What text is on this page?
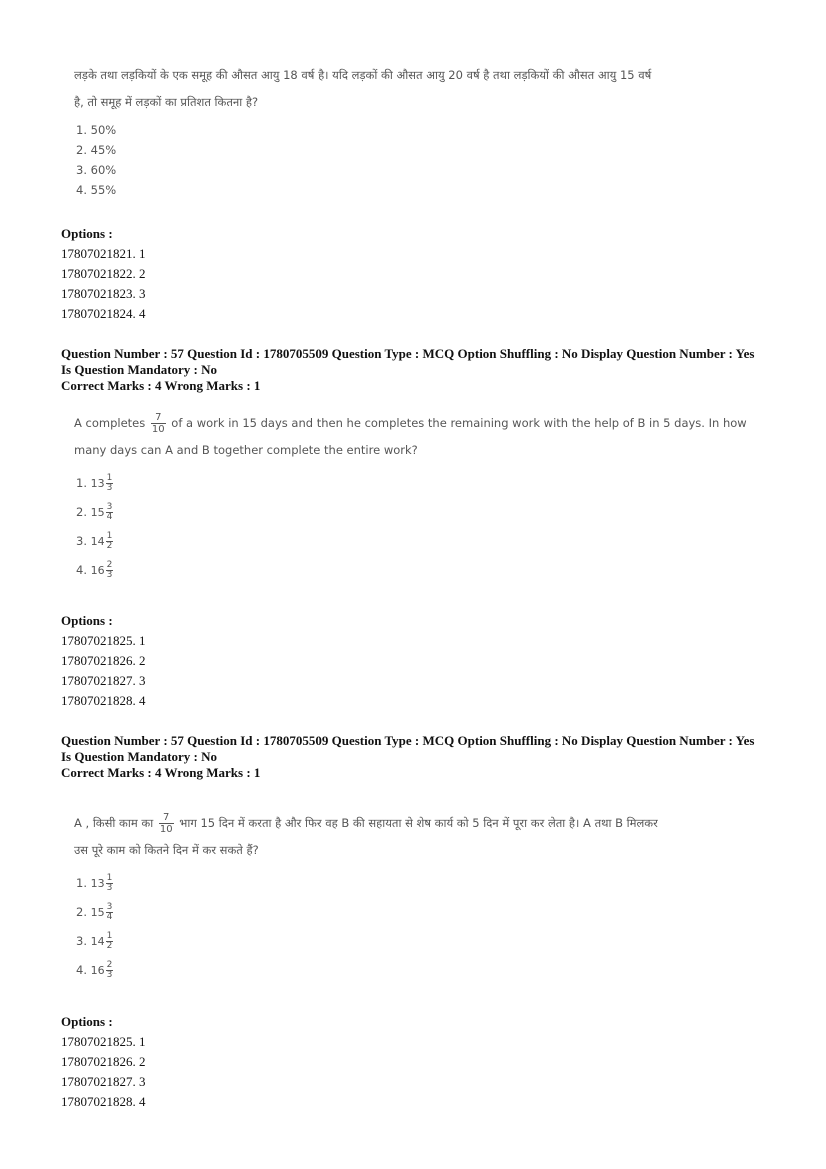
लड़के तथा लड़कियों के एक समूह की औसत आयु 18 वर्ष है। यदि लड़कों की औसत आयु 20 वर्ष है तथा लड़कियों की औसत आयु 15 वर्ष
है, तो समूह में लड़कों का प्रतिशत कितना है?
1. 50%
2. 45%
3. 60%
4. 55%
Options :
17807021821. 1
17807021822. 2
17807021823. 3
17807021824. 4
Question Number : 57 Question Id : 1780705509 Question Type : MCQ Option Shuffling : No Display Question Number : Yes
Is Question Mandatory : No
Correct Marks : 4 Wrong Marks : 1
A completes $\frac{7}{10}$ of a work in 15 days and then he completes the remaining work with the help of B in 5 days. In how
many days can A and B together complete the entire work?
1. $13 \frac{1}{3}$
2. $15 \frac{3}{4}$
3. $14 \frac{1}{2}$
4. $16 \frac{2}{3}$
Options :
17807021825. 1
17807021826. 2
17807021827. 3
17807021828. 4
Question Number : 57 Question Id : 1780705509 Question Type : MCQ Option Shuffling : No Display Question Number : Yes
Is Question Mandatory : No
Correct Marks : 4 Wrong Marks : 1
A , किसी काम का $\frac{7}{10}$ भाग 15 दिन में करता है और फिर वह B की सहायता से शेष कार्य को 5 दिन में पूरा कर लेता है। A तथा B मिलकर
उस पूरे काम को कितने दिन में कर सकते हैं?
1. $13 \frac{1}{3}$
2. $15 \frac{3}{4}$
3. $14 \frac{1}{2}$
4. $16 \frac{2}{3}$
Options :
17807021825. 1
17807021826. 2
17807021827. 3
17807021828. 4
